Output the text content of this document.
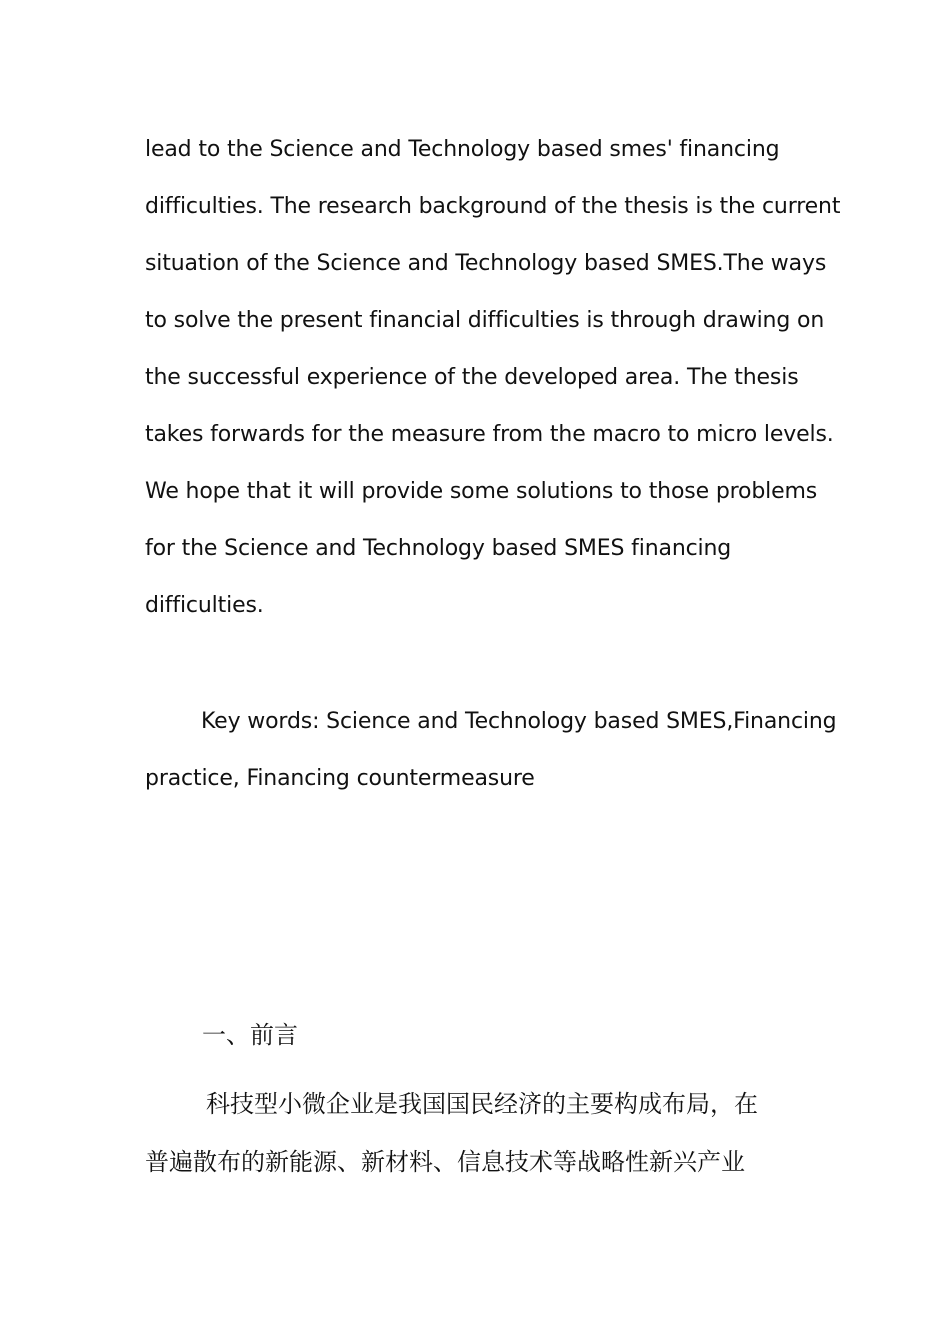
lead to the Science and Technology based smes' financing
difficulties. The research background of the thesis is the current
situation of the Science and Technology based SMES.The ways
to solve the present financial difficulties is through drawing on
the successful experience of the developed area. The thesis
takes forwards for the measure from the macro to micro levels.
We hope that it will provide some solutions to those problems
for the Science and Technology based SMES financing
difficulties.
Key words: Science and Technology based SMES,Financing
practice, Financing countermeasure
一、前言
科技型小微企业是我国国民经济的主要构成布局，在
普遍散布的新能源、新材料、信息技术等战略性新兴产业
